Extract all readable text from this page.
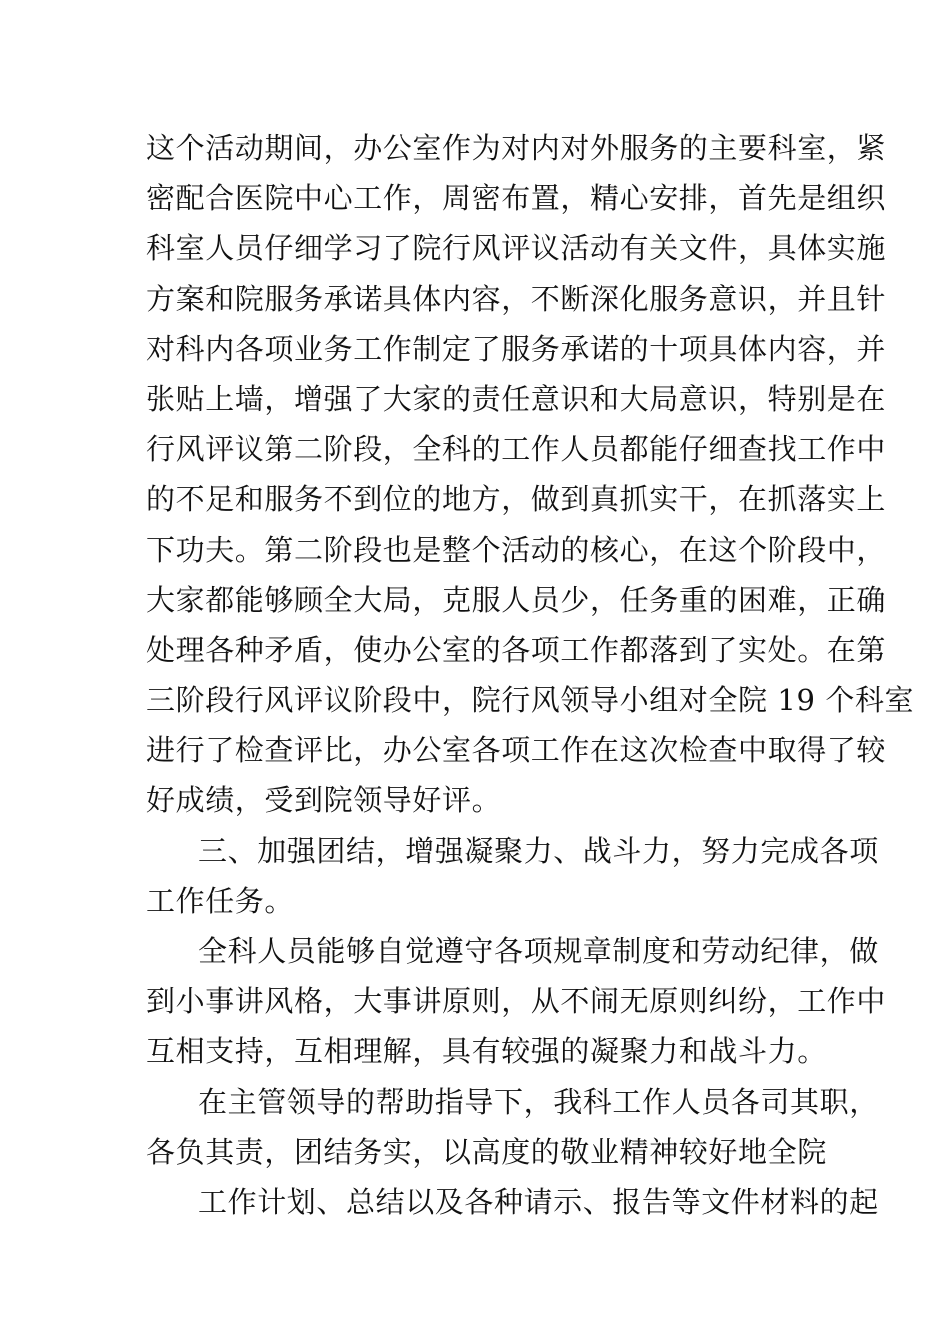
这个活动期间，办公室作为对内对外服务的主要科室，紧
密配合医院中心工作，周密布置，精心安排，首先是组织
科室人员仔细学习了院行风评议活动有关文件，具体实施
方案和院服务承诺具体内容，不断深化服务意识，并且针
对科内各项业务工作制定了服务承诺的十项具体内容，并
张贴上墙，增强了大家的责任意识和大局意识，特别是在
行风评议第二阶段，全科的工作人员都能仔细查找工作中
的不足和服务不到位的地方，做到真抓实干，在抓落实上
下功夫。第二阶段也是整个活动的核心，在这个阶段中，
大家都能够顾全大局，克服人员少，任务重的困难，正确
处理各种矛盾，使办公室的各项工作都落到了实处。在第
三阶段行风评议阶段中，院行风领导小组对全院 19 个科室
进行了检查评比，办公室各项工作在这次检查中取得了较
好成绩，受到院领导好评。
三、加强团结，增强凝聚力、战斗力，努力完成各项
工作任务。
全科人员能够自觉遵守各项规章制度和劳动纪律，做
到小事讲风格，大事讲原则，从不闹无原则纠纷，工作中
互相支持，互相理解，具有较强的凝聚力和战斗力。
在主管领导的帮助指导下，我科工作人员各司其职，
各负其责，团结务实，以高度的敬业精神较好地全院
工作计划、总结以及各种请示、报告等文件材料的起
